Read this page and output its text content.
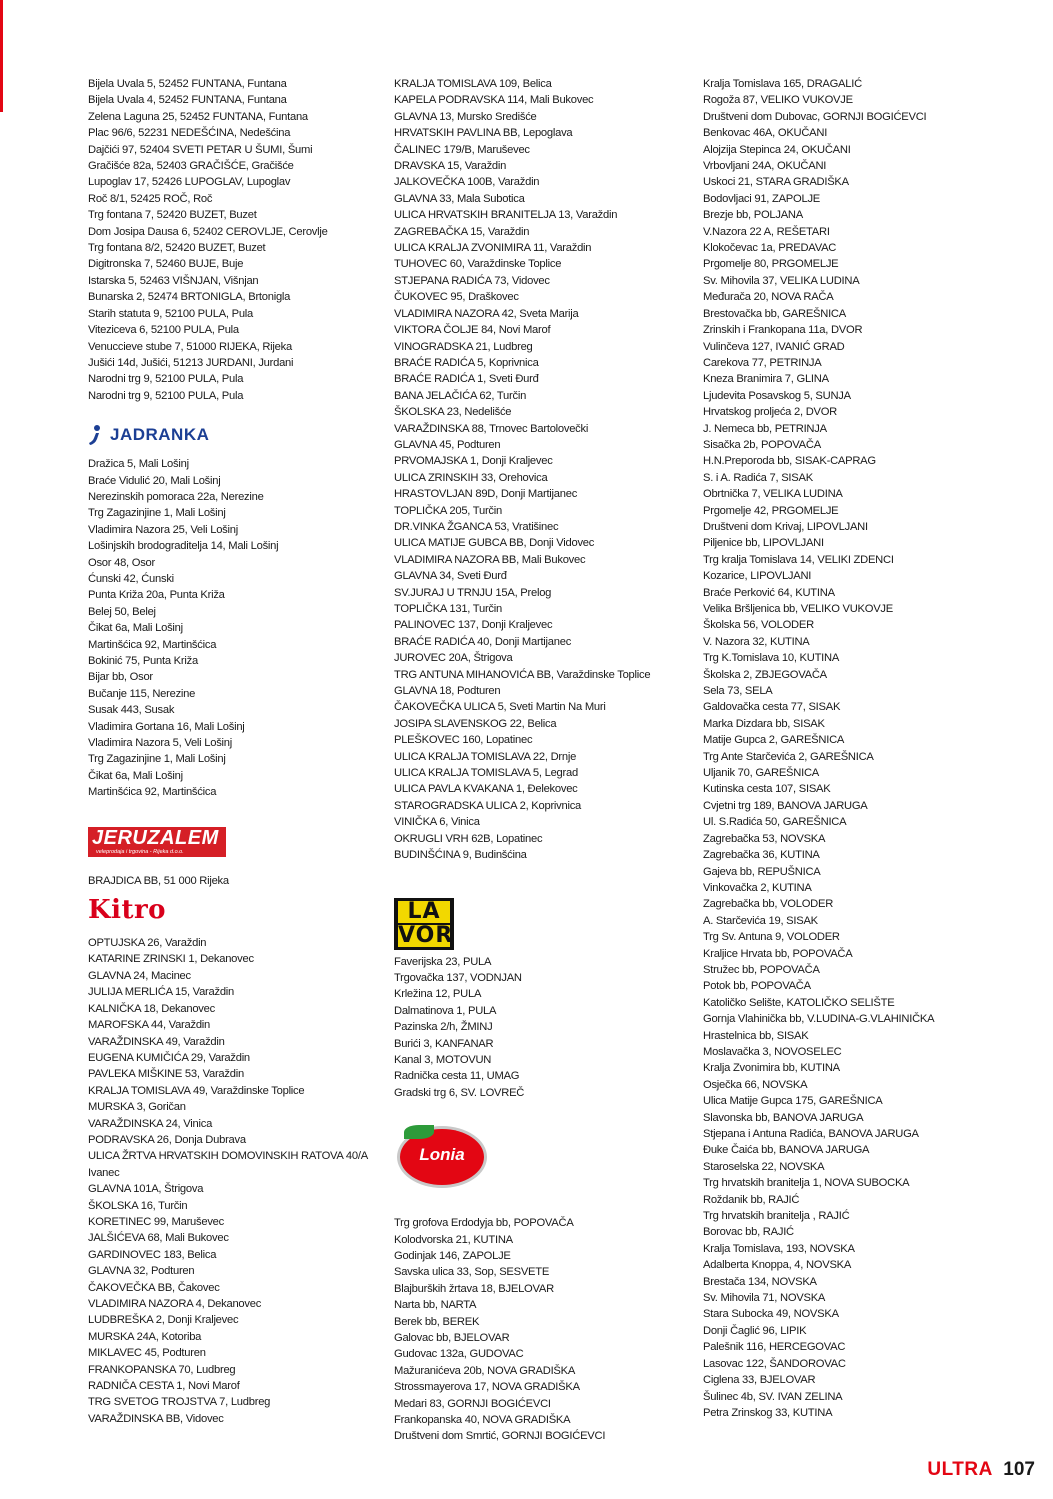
Bijela Uvala 5, 52452 FUNTANA, Funtana
Bijela Uvala 4, 52452 FUNTANA, Funtana
Zelena Laguna 25, 52452 FUNTANA, Funtana
Plac 96/6, 52231 NEDEŠĆINA, Nedešćina
Dajčići 97, 52404 SVETI PETAR U ŠUMI, Šumi
Gračišće 82a, 52403 GRAČIŠĆE, Gračišće
Lupoglav 17, 52426 LUPOGLAV, Lupoglav
Roč 8/1, 52425 ROČ, Roč
Trg fontana 7, 52420 BUZET, Buzet
Dom Josipa Dausa 6, 52402 CEROVLJE, Cerovlje
Trg fontana 8/2, 52420 BUZET, Buzet
Digitronska 7, 52460 BUJE, Buje
Istarska 5, 52463 VIŠNJAN, Višnjan
Bunarska 2, 52474 BRTONIGLA, Brtonigla
Starih statuta 9, 52100 PULA, Pula
Viteziceva 6, 52100 PULA, Pula
Venuccieve stube 7, 51000 RIJEKA, Rijeka
Jušići 14d, Jušići, 51213 JURDANI, Jurdani
Narodni trg 9, 52100 PULA, Pula
Narodni trg 9, 52100 PULA, Pula
JADRANKA
Dražica 5, Mali Lošinj
Braće Vidulić 20, Mali Lošinj
Nerezinskih pomoraca 22a, Nerezine
Trg Zagazinjine 1, Mali Lošinj
Vladimira Nazora 25, Veli Lošinj
Lošinjskih brodograditelja 14, Mali Lošinj
Osor 48, Osor
Ćunski 42, Ćunski
Punta Križa 20a, Punta Križa
Belej 50, Belej
Čikat 6a, Mali Lošinj
Martinšćica 92, Martinšćica
Bokinić 75, Punta Križa
Bijar bb, Osor
Bučanje 115, Nerezine
Susak 443, Susak
Vladimira Gortana 16, Mali Lošinj
Vladimira Nazora 5, Veli Lošinj
Trg Zagazinjine 1, Mali Lošinj
Čikat 6a, Mali Lošinj
Martinšćica 92, Martinšćica
JERUZALEM
veleprodaja i trgovina - Rijeka d.o.o.
BRAJDICA BB, 51 000 Rijeka
Kitro
OPTUJSKA 26, Varaždin
KATARINE ZRINSKI 1, Dekanovec
GLAVNA 24, Macinec
JULIJA MERLIĆA 15, Varaždin
KALNIČKA 18, Dekanovec
MAROFSKA 44, Varaždin
VARAŽDINSKA 49, Varaždin
EUGENA KUMIČIĆA 29, Varaždin
PAVLEKA MIŠKINE 53, Varaždin
KRALJA TOMISLAVA 49, Varaždinske Toplice
MURSKA 3, Goričan
VARAŽDINSKA 24, Vinica
PODRAVSKA 26, Donja Dubrava
ULICA ŽRTVA HRVATSKIH DOMOVINSKIH RATOVA 40/A
Ivanec
GLAVNA 101A, Štrigova
ŠKOLSKA 16, Turčin
KORETINEC 99, Maruševec
JALŠIĆEVA 68, Mali Bukovec
GARDINOVEC 183, Belica
GLAVNA 32, Podturen
ČAKOVEČKA BB, Čakovec
VLADIMIRA NAZORA 4, Dekanovec
LUDBREŠKA 2, Donji Kraljevec
MURSKA 24A, Kotoriba
MIKLAVEC 45, Podturen
FRANKOPANSKA 70, Ludbreg
RADNIČA CESTA 1, Novi Marof
TRG SVETOG TROJSTVA 7, Ludbreg
VARAŽDINSKA BB, Vidovec
KRALJA TOMISLAVA 109, Belica
KAPELA PODRAVSKA 114, Mali Bukovec
GLAVNA 13, Mursko Središće
HRVATSKIH PAVLINA BB, Lepoglava
ČALINEC 179/B, Maruševec
DRAVSKA 15, Varaždin
JALKOVEČKA 100B, Varaždin
GLAVNA 33, Mala Subotica
ULICA HRVATSKIH BRANITELJA 13, Varaždin
ZAGREBAČKA 15, Varaždin
ULICA KRALJA ZVONIMIRA 11, Varaždin
TUHOVEC 60, Varaždinske Toplice
STJEPANA RADIĆA 73, Vidovec
ČUKOVEC 95, Draškovec
VLADIMIRA NAZORA 42, Sveta Marija
VIKTORA ČOLJE 84, Novi Marof
VINOGRADSKA 21, Ludbreg
BRAĆE RADIĆA 5, Koprivnica
BRAĆE RADIĆA 1, Sveti Đurđ
BANA JELAČIĆA 62, Turčin
ŠKOLSKA 23, Nedelišće
VARAŽDINSKA 88, Trnovec Bartolovečki
GLAVNA 45, Podturen
PRVOMAJSKA 1, Donji Kraljevec
ULICA ZRINSKIH 33, Orehovica
HRASTOVLJAN 89D, Donji Martijanec
TOPLIČKA 205, Turčin
DR.VINKA ŽGANCA 53, Vratišinec
ULICA MATIJE GUBCA BB, Donji Vidovec
VLADIMIRA NAZORA BB, Mali Bukovec
GLAVNA 34, Sveti Đurđ
SV.JURAJ U TRNJU 15A, Prelog
TOPLIČKA 131, Turčin
PALINOVEC 137, Donji Kraljevec
BRAĆE RADIĆA 40, Donji Martijanec
JUROVEC 20A, Štrigova
TRG ANTUNA MIHANOVIĆA BB, Varaždinske Toplice
GLAVNA 18, Podturen
ČAKOVEČKA ULICA 5, Sveti Martin Na Muri
JOSIPA SLAVENSKOG 22, Belica
PLEŠKOVEC 160, Lopatinec
ULICA KRALJA TOMISLAVA 22, Drnje
ULICA KRALJA TOMISLAVA 5, Legrad
ULICA PAVLA KVAKANA 1, Đelekovec
STAROGRADSKA ULICA 2, Koprivnica
VINIČKA 6, Vinica
OKRUGLI VRH 62B, Lopatinec
BUDINŠĆINA 9, Budinšćina
LA
VOR
Faverijska 23, PULA
Trgovačka 137, VODNJAN
Krležina 12, PULA
Dalmatinova 1, PULA
Pazinska 2/h, ŽMINJ
Burići 3, KANFANAR
Kanal 3, MOTOVUN
Radnička cesta 11, UMAG
Gradski trg 6, SV. LOVREČ
Lonia
Trg grofova Erdodyja bb, POPOVAČA
Kolodvorska 21, KUTINA
Godinjak 146, ZAPOLJE
Savska ulica 33, Sop, SESVETE
Blajburških žrtava 18, BJELOVAR
Narta bb, NARTA
Berek bb, BEREK
Galovac bb, BJELOVAR
Gudovac 132a, GUDOVAC
Mažuranićeva 20b, NOVA GRADIŠKA
Strossmayerova 17, NOVA GRADIŠKA
Medari 83, GORNJI BOGIĆEVCI
Frankopanska 40, NOVA GRADIŠKA
Društveni dom Smrtić, GORNJI BOGIĆEVCI
Kralja Tomislava 165, DRAGALIĆ
Rogoža 87, VELIKO VUKOVJE
Društveni dom Dubovac, GORNJI BOGIĆEVCI
Benkovac 46A, OKUČANI
Alojzija Stepinca 24, OKUČANI
Vrbovljani 24A, OKUČANI
Uskoci 21, STARA GRADIŠKA
Bodovljaci 91, ZAPOLJE
Brezje bb, POLJANA
V.Nazora 22 A, REŠETARI
Klokočevac 1a, PREDAVAC
Prgomelje 80, PRGOMELJE
Sv. Mihovila 37, VELIKA LUDINA
Međurača 20, NOVA RAČA
Brestovačka bb, GAREŠNICA
Zrinskih i Frankopana 11a, DVOR
Vulinčeva 127, IVANIĆ GRAD
Carekova 77, PETRINJA
Kneza Branimira 7, GLINA
Ljudevita Posavskog 5, SUNJA
Hrvatskog proljeća 2, DVOR
J. Nemeca bb, PETRINJA
Sisačka 2b, POPOVAČA
H.N.Preporoda bb, SISAK-CAPRAG
S. i A. Radića 7, SISAK
Obrtnička 7, VELIKA LUDINA
Prgomelje 42, PRGOMELJE
Društveni dom Krivaj, LIPOVLJANI
Piljenice bb, LIPOVLJANI
Trg kralja Tomislava 14, VELIKI ZDENCI
Kozarice, LIPOVLJANI
Braće Perković 64, KUTINA
Velika Bršljenica bb, VELIKO VUKOVJE
Školska 56, VOLODER
V. Nazora 32, KUTINA
Trg K.Tomislava 10, KUTINA
Školska 2, ZBJEGOVAČA
Sela 73, SELA
Galdovačka cesta 77, SISAK
Marka Dizdara bb, SISAK
Matije Gupca 2, GAREŠNICA
Trg Ante Starčevića 2, GAREŠNICA
Uljanik 70, GAREŠNICA
Kutinska cesta 107, SISAK
Cvjetni trg 189, BANOVA JARUGA
Ul. S.Radića 50, GAREŠNICA
Zagrebačka 53, NOVSKA
Zagrebačka 36, KUTINA
Gajeva bb, REPUŠNICA
Vinkovačka 2, KUTINA
Zagrebačka bb, VOLODER
A. Starčevića 19, SISAK
Trg Sv. Antuna 9, VOLODER
Kraljice Hrvata bb, POPOVAČA
Stružec bb, POPOVAČA
Potok bb, POPOVAČA
Katoličko Selište, KATOLIČKO SELIŠTE
Gornja Vlahinička bb, V.LUDINA-G.VLAHINIČKA
Hrastelnica bb, SISAK
Moslavačka 3, NOVOSELEC
Kralja Zvonimira bb, KUTINA
Osječka 66, NOVSKA
Ulica Matije Gupca 175, GAREŠNICA
Slavonska bb, BANOVA JARUGA
Stjepana i Antuna Radića, BANOVA JARUGA
Đuke Čaića bb, BANOVA JARUGA
Staroselska 22, NOVSKA
Trg hrvatskih branitelja 1, NOVA SUBOCKA
Roždanik bb, RAJIĆ
Trg hrvatskih branitelja , RAJIĆ
Borovac bb, RAJIĆ
Kralja Tomislava, 193, NOVSKA
Adalberta Knoppa, 4, NOVSKA
Brestača 134, NOVSKA
Sv. Mihovila 71, NOVSKA
Stara Subocka 49, NOVSKA
Donji Čaglić 96, LIPIK
Palešnik 116, HERCEGOVAC
Lasovac 122, ŠANDOROVAC
Ciglena 33, BJELOVAR
Šulinec 4b, SV. IVAN ZELINA
Petra Zrinskog 33, KUTINA
ULTRA 107
